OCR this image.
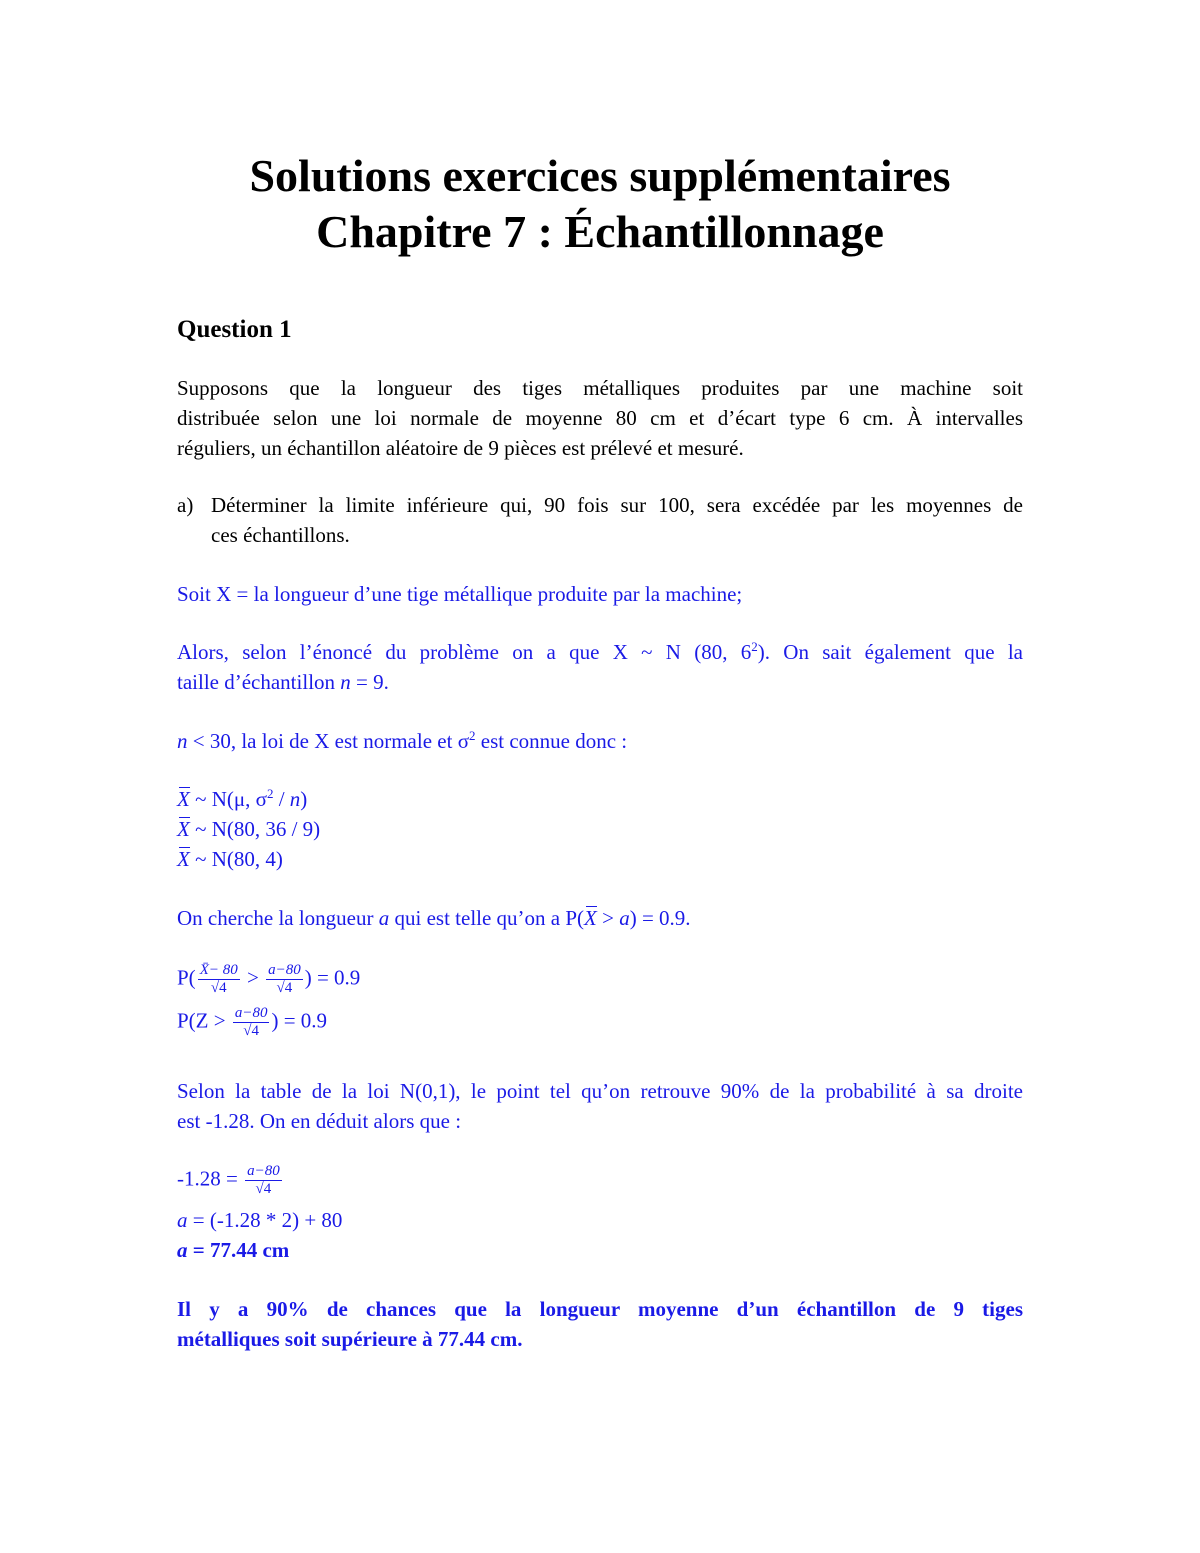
Solutions exercices supplémentaires
Chapitre 7 : Échantillonnage
Question 1

Supposons que la longueur des tiges métalliques produites par une machine soit
distribuée selon une loi normale de moyenne 80 cm et d’écart type 6 cm. À intervalles
réguliers, un échantillon aléatoire de 9 pièces est prélevé et mesuré.

a) Déterminer la limite inférieure qui, 90 fois sur 100, sera excédée par les moyennes de
ces échantillons.

Soit X = la longueur d’une tige métallique produite par la machine;

Alors, selon l’énoncé du problème on a que X ~ N (80, $6^2$). On sait également que la
taille d’échantillon n = 9.

n < 30, la loi de X est normale et $\sigma^2$ est connue donc :
X ~ N(μ, $\sigma^2 / n$)
X ~ N(80, 36 / 9)
X ~ N(80, 4)
On cherche la longueur a qui est telle qu’on a P(X > a) = 0.9.
$P( \frac{X̄- 80}{√4} > \frac{a-80}{√4}$ ) = 0.9
$P(Z > \frac{a-80}{√4}$ ) = 0.9

Selon la table de la loi N(0,1), le point tel qu’on retrouve 90% de la probabilité à sa droite
est -1.28. On en déduit alors que :

$-1.28 = \frac{a-80}{√4}$
a = (-1.28 * 2) + 80
a = 77.44 cm

Il y a 90% de chances que la longueur moyenne d’un échantillon de 9 tiges
métalliques soit supérieure à 77.44 cm.
